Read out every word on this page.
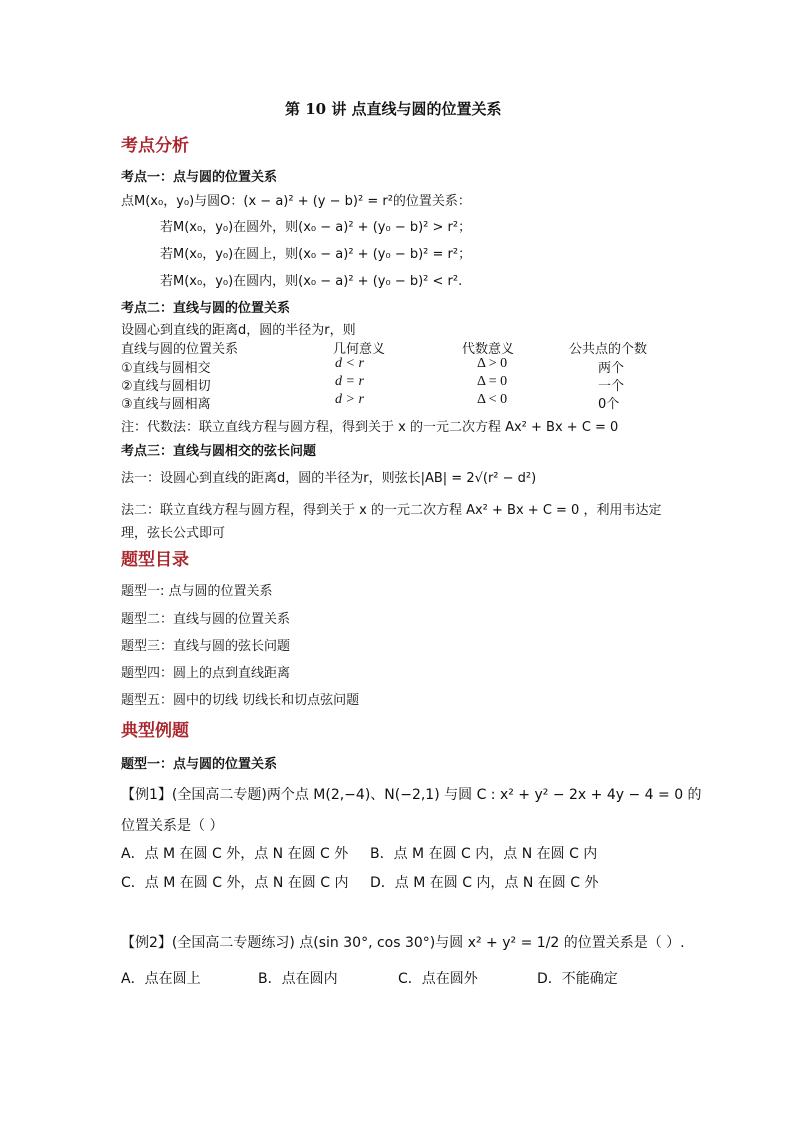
第 10 讲 点直线与圆的位置关系
考点分析
考点一：点与圆的位置关系
点M(x₀，y₀)与圆O：(x − a)² + (y − b)² = r²的位置关系：
若M(x₀，y₀)在圆外，则(x₀ − a)² + (y₀ − b)² > r²；
若M(x₀，y₀)在圆上，则(x₀ − a)² + (y₀ − b)² = r²；
若M(x₀，y₀)在圆内，则(x₀ − a)² + (y₀ − b)² < r².
考点二：直线与圆的位置关系
设圆心到直线的距离d，圆的半径为r，则
直线与圆的位置关系	几何意义	代数意义	公共点的个数
①直线与圆相交	d < r	Δ > 0	两个
②直线与圆相切	d = r	Δ = 0	一个
③直线与圆相离	d > r	Δ < 0	0个
注：代数法：联立直线方程与圆方程，得到关于 x 的一元二次方程 Ax² + Bx + C = 0
考点三：直线与圆相交的弦长问题
法一：设圆心到直线的距离d，圆的半径为r，则弦长|AB| = 2√(r² − d²)
法二：联立直线方程与圆方程，得到关于 x 的一元二次方程 Ax² + Bx + C = 0 ，利用韦达定
理，弦长公式即可
题型目录
题型一: 点与圆的位置关系
题型二：直线与圆的位置关系
题型三：直线与圆的弦长问题
题型四：圆上的点到直线距离
题型五：圆中的切线 切线长和切点弦问题
典型例题
题型一：点与圆的位置关系
【例1】(全国高二专题)两个点 M(2,−4)、N(−2,1) 与圆 C : x² + y² − 2x + 4y − 4 = 0 的
位置关系是（ ）
A．点 M 在圆 C 外，点 N 在圆 C 外 B．点 M 在圆 C 内，点 N 在圆 C 内
C．点 M 在圆 C 外，点 N 在圆 C 内 D．点 M 在圆 C 内，点 N 在圆 C 外
【例2】(全国高二专题练习) 点(sin 30°, cos 30°)与圆 x² + y² = 1/2 的位置关系是（ ）.
A．点在圆上	B．点在圆内	C．点在圆外	D．不能确定
